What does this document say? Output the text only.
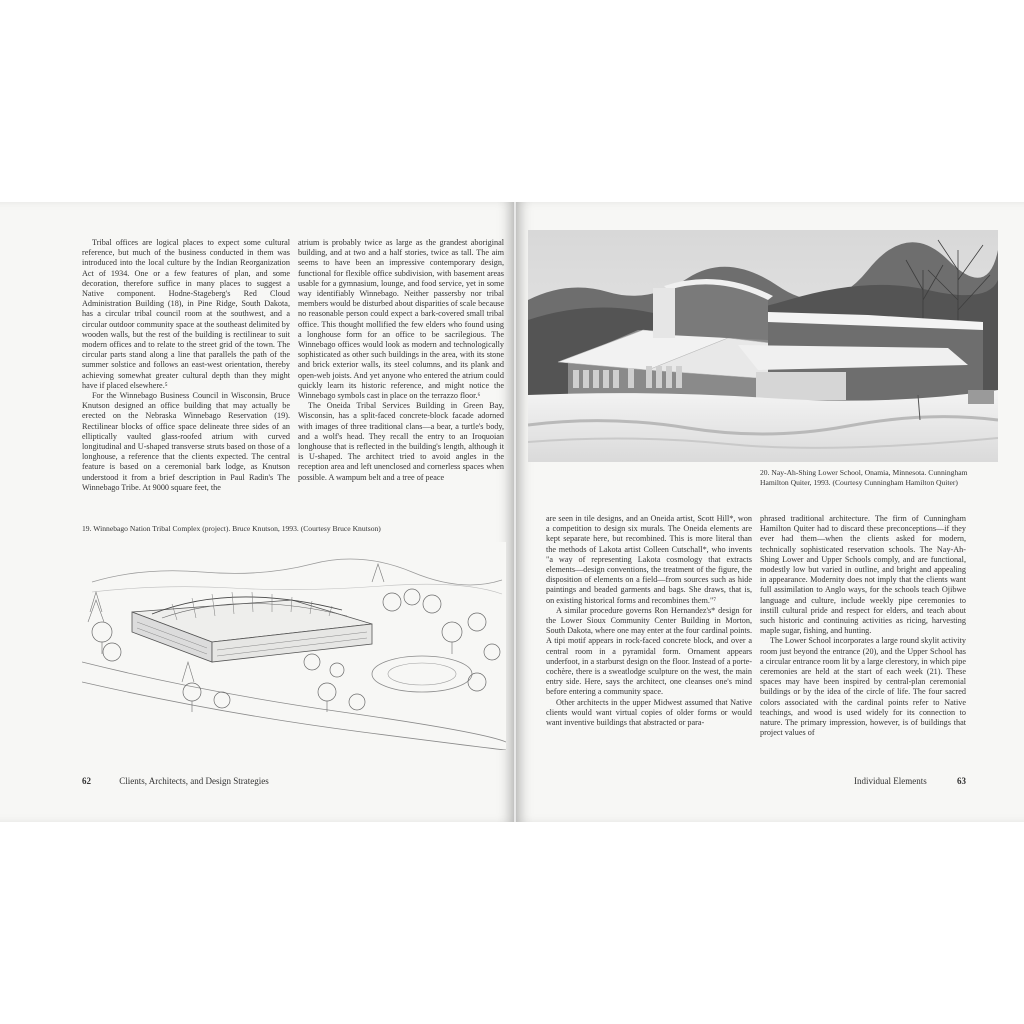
Tribal offices are logical places to expect some cultural reference, but much of the business conducted in them was introduced into the local culture by the Indian Reorganization Act of 1934. One or a few features of plan, and some decoration, therefore suffice in many places to suggest a Native component. Hodne-Stageberg's Red Cloud Administration Building (18), in Pine Ridge, South Dakota, has a circular tribal council room at the southwest, and a circular outdoor community space at the southeast delimited by wooden walls, but the rest of the building is rectilinear to suit modern offices and to relate to the street grid of the town. The circular parts stand along a line that parallels the path of the summer solstice and follows an east-west orientation, thereby achieving somewhat greater cultural depth than they might have if placed elsewhere.⁵

For the Winnebago Business Council in Wisconsin, Bruce Knutson designed an office building that may actually be erected on the Nebraska Winnebago Reservation (19). Rectilinear blocks of office space delineate three sides of an elliptically vaulted glass-roofed atrium with curved longitudinal and U-shaped transverse struts based on those of a longhouse, a reference that the clients expected. The central feature is based on a ceremonial bark lodge, as Knutson understood it from a brief description in Paul Radin's The Winnebago Tribe. At 9000 square feet, the

atrium is probably twice as large as the grandest aboriginal building, and at two and a half stories, twice as tall. The aim seems to have been an impressive contemporary design, functional for flexible office subdivision, with basement areas usable for a gymnasium, lounge, and food service, yet in some way identifiably Winnebago. Neither passersby nor tribal members would be disturbed about disparities of scale because no reasonable person could expect a bark-covered small tribal office. This thought mollified the few elders who found using a longhouse form for an office to be sacrilegious. The Winnebago offices would look as modern and technologically sophisticated as other such buildings in the area, with its stone and brick exterior walls, its steel columns, and its plank and open-web joists. And yet anyone who entered the atrium could quickly learn its historic reference, and might notice the Winnebago symbols cast in place on the terrazzo floor.⁶

The Oneida Tribal Services Building in Green Bay, Wisconsin, has a split-faced concrete-block facade adorned with images of three traditional clans—a bear, a turtle's body, and a wolf's head. They recall the entry to an Iroquoian longhouse that is reflected in the building's length, although it is U-shaped. The architect tried to avoid angles in the reception area and left unenclosed and cornerless spaces when possible. A wampum belt and a tree of peace

19. Winnebago Nation Tribal Complex (project). Bruce Knutson, 1993. (Courtesy Bruce Knutson)
62	Clients, Architects, and Design Strategies
20. Nay-Ah-Shing Lower School, Onamia, Minnesota. Cunningham Hamilton Quiter, 1993. (Courtesy Cunningham Hamilton Quiter)

are seen in tile designs, and an Oneida artist, Scott Hill*, won a competition to design six murals. The Oneida elements are kept separate here, but recombined. This is more literal than the methods of Lakota artist Colleen Cutschall*, who invents "a way of representing Lakota cosmology that extracts elements—design conventions, the treatment of the figure, the disposition of elements on a field—from sources such as hide paintings and beaded garments and bags. She draws, that is, on existing historical forms and recombines them."⁷

A similar procedure governs Ron Hernandez's* design for the Lower Sioux Community Center Building in Morton, South Dakota, where one may enter at the four cardinal points. A tipi motif appears in rock-faced concrete block, and over a central room in a pyramidal form. Ornament appears underfoot, in a starburst design on the floor. Instead of a porte-cochère, there is a sweatlodge sculpture on the west, the main entry side. Here, says the architect, one cleanses one's mind before entering a community space.

Other architects in the upper Midwest assumed that Native clients would want virtual copies of older forms or would want inventive buildings that abstracted or para-

phrased traditional architecture. The firm of Cunningham Hamilton Quiter had to discard these preconceptions—if they ever had them—when the clients asked for modern, technically sophisticated reservation schools. The Nay-Ah-Shing Lower and Upper Schools comply, and are functional, modestly low but varied in outline, and bright and appealing in appearance. Modernity does not imply that the clients want full assimilation to Anglo ways, for the schools teach Ojibwe language and culture, include weekly pipe ceremonies to instill cultural pride and respect for elders, and teach about such historic and continuing activities as ricing, harvesting maple sugar, fishing, and hunting.

The Lower School incorporates a large round skylit activity room just beyond the entrance (20), and the Upper School has a circular entrance room lit by a large clerestory, in which pipe ceremonies are held at the start of each week (21). These spaces may have been inspired by central-plan ceremonial buildings or by the idea of the circle of life. The four sacred colors associated with the cardinal points refer to Native teachings, and wood is used widely for its connection to nature. The primary impression, however, is of buildings that project values of

Individual Elements	63
